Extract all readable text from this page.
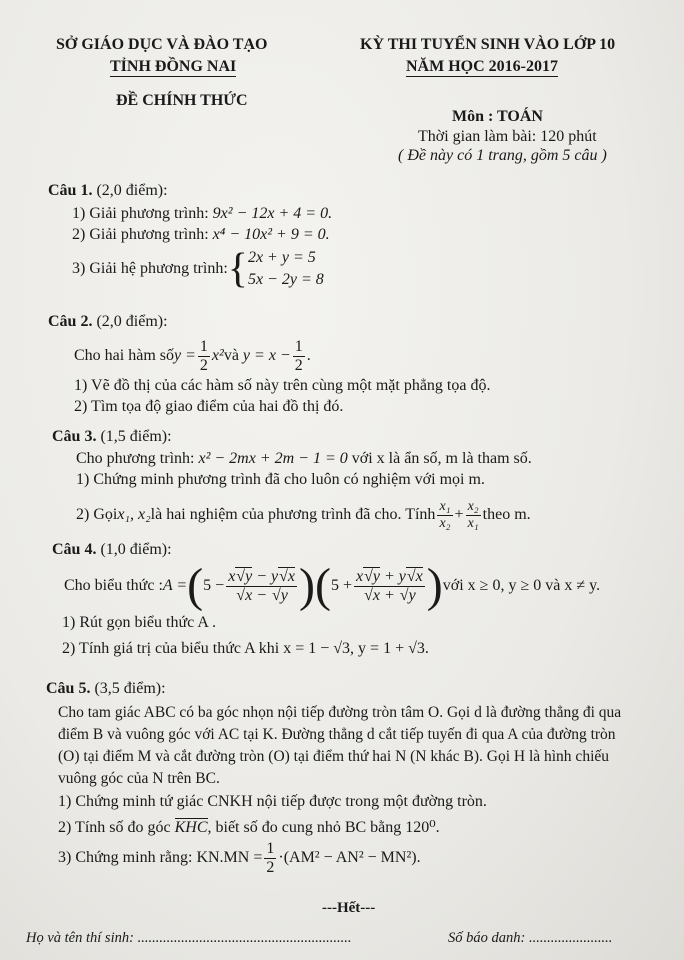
SỞ GIÁO DỤC VÀ ĐÀO TẠO
TỈNH ĐỒNG NAI
ĐỀ CHÍNH THỨC
KỲ THI TUYỂN SINH VÀO LỚP 10
NĂM HỌC 2016-2017
Môn : TOÁN
Thời gian làm bài: 120 phút
( Đề này có 1 trang, gồm 5 câu )
Câu 1. (2,0 điểm):
1) Giải phương trình: 9x² − 12x + 4 = 0.
2) Giải phương trình: x⁴ − 10x² + 9 = 0.
3) Giải hệ phương trình: { 2x + y = 5
5x − 2y = 8
Câu 2. (2,0 điểm):
Cho hai hàm số $y = \frac{1}{2} x^2$ và $y = x - \frac{1}{2}$ .
1) Vẽ đồ thị của các hàm số này trên cùng một mặt phẳng tọa độ.
2) Tìm tọa độ giao điểm của hai đồ thị đó.
Câu 3. (1,5 điểm):
Cho phương trình: x² − 2mx + 2m − 1 = 0 với x là ẩn số, m là tham số.
1) Chứng minh phương trình đã cho luôn có nghiệm với mọi m.
2) Gọi x₁, x₂ là hai nghiệm của phương trình đã cho. Tính $\frac{\text{x₁}}{\text{x₂}} + \frac{\text{x₂}}{\text{x₁}}$ theo m.
Câu 4. (1,0 điểm):
Cho biểu thức : A = ( $5 - \frac{x√y - y√x}{√x - √y}$ )( $5 + \frac{x√y + y√x}{√x + √y}$ ) với x ≥ 0, y ≥ 0 và x ≠ y.
1) Rút gọn biểu thức A .
2) Tính giá trị của biểu thức A khi x = 1 − √3, y = 1 + √3.
Câu 5. (3,5 điểm):
Cho tam giác ABC có ba góc nhọn nội tiếp đường tròn tâm O. Gọi d là đường thẳng đi qua
điểm B và vuông góc với AC tại K. Đường thẳng d cắt tiếp tuyến đi qua A của đường tròn
(O) tại điểm M và cắt đường tròn (O) tại điểm thứ hai N (N khác B). Gọi H là hình chiếu
vuông góc của N trên BC.
1) Chứng minh tứ giác CNKH nội tiếp được trong một đường tròn.
2) Tính số đo góc KHC, biết số đo cung nhỏ BC bằng 120⁰.
3) Chứng minh rằng: $KN.MN = \frac{1}{2} \cdot(AM^2 - AN^2 - MN^2)$.
---Hết---
Họ và tên thí sinh: ...........................................................	Số báo danh: .......................
